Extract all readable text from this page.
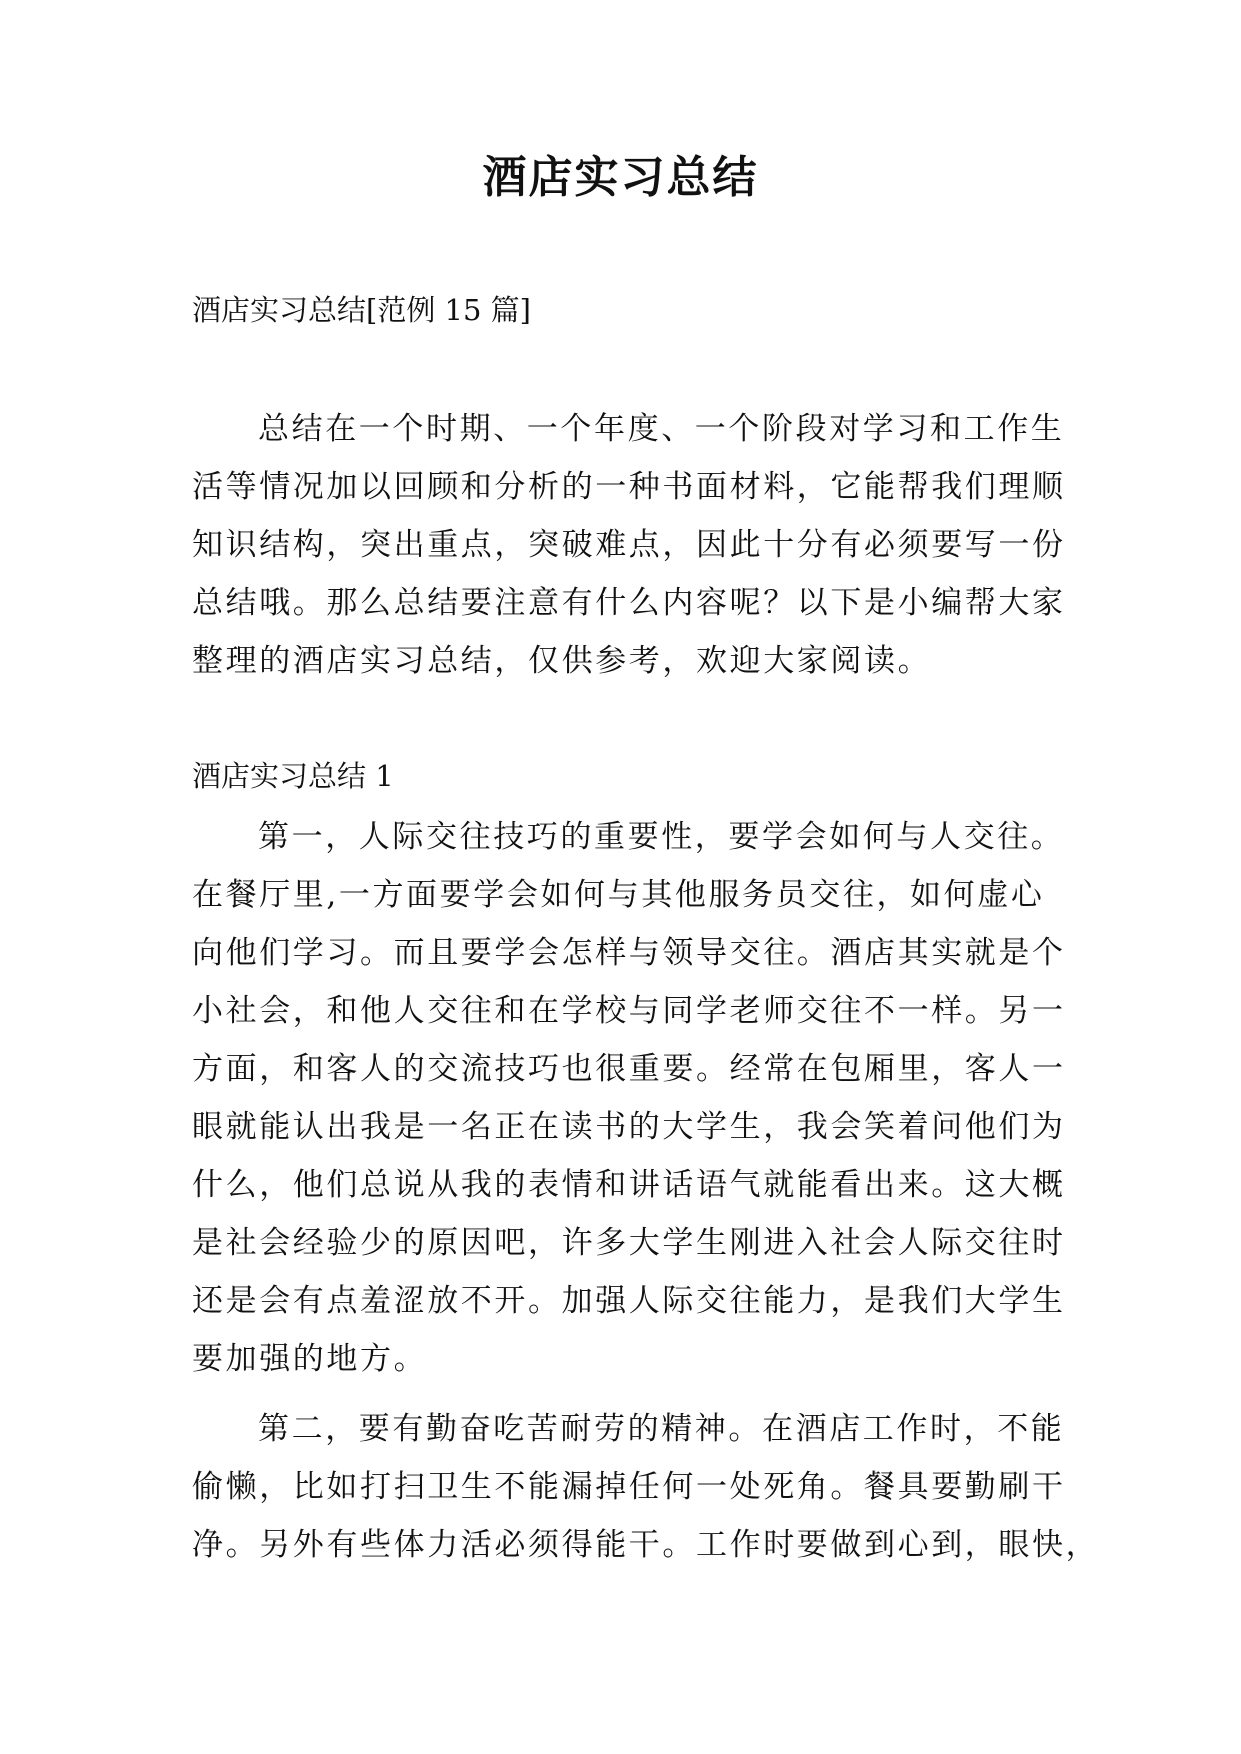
酒店实习总结

酒店实习总结[范例 15 篇]

总结在一个时期、一个年度、一个阶段对学习和工作生
活等情况加以回顾和分析的一种书面材料，它能帮我们理顺
知识结构，突出重点，突破难点，因此十分有必须要写一份
总结哦。那么总结要注意有什么内容呢？以下是小编帮大家
整理的酒店实习总结，仅供参考，欢迎大家阅读。

酒店实习总结 1

第一，人际交往技巧的重要性，要学会如何与人交往。
在餐厅里,一方面要学会如何与其他服务员交往，如何虚心
向他们学习。而且要学会怎样与领导交往。酒店其实就是个
小社会，和他人交往和在学校与同学老师交往不一样。另一
方面，和客人的交流技巧也很重要。经常在包厢里，客人一
眼就能认出我是一名正在读书的大学生，我会笑着问他们为
什么，他们总说从我的表情和讲话语气就能看出来。这大概
是社会经验少的原因吧，许多大学生刚进入社会人际交往时
还是会有点羞涩放不开。加强人际交往能力，是我们大学生
要加强的地方。
第二，要有勤奋吃苦耐劳的精神。在酒店工作时，不能
偷懒，比如打扫卫生不能漏掉任何一处死角。餐具要勤刷干
净。另外有些体力活必须得能干。工作时要做到心到，眼快，
